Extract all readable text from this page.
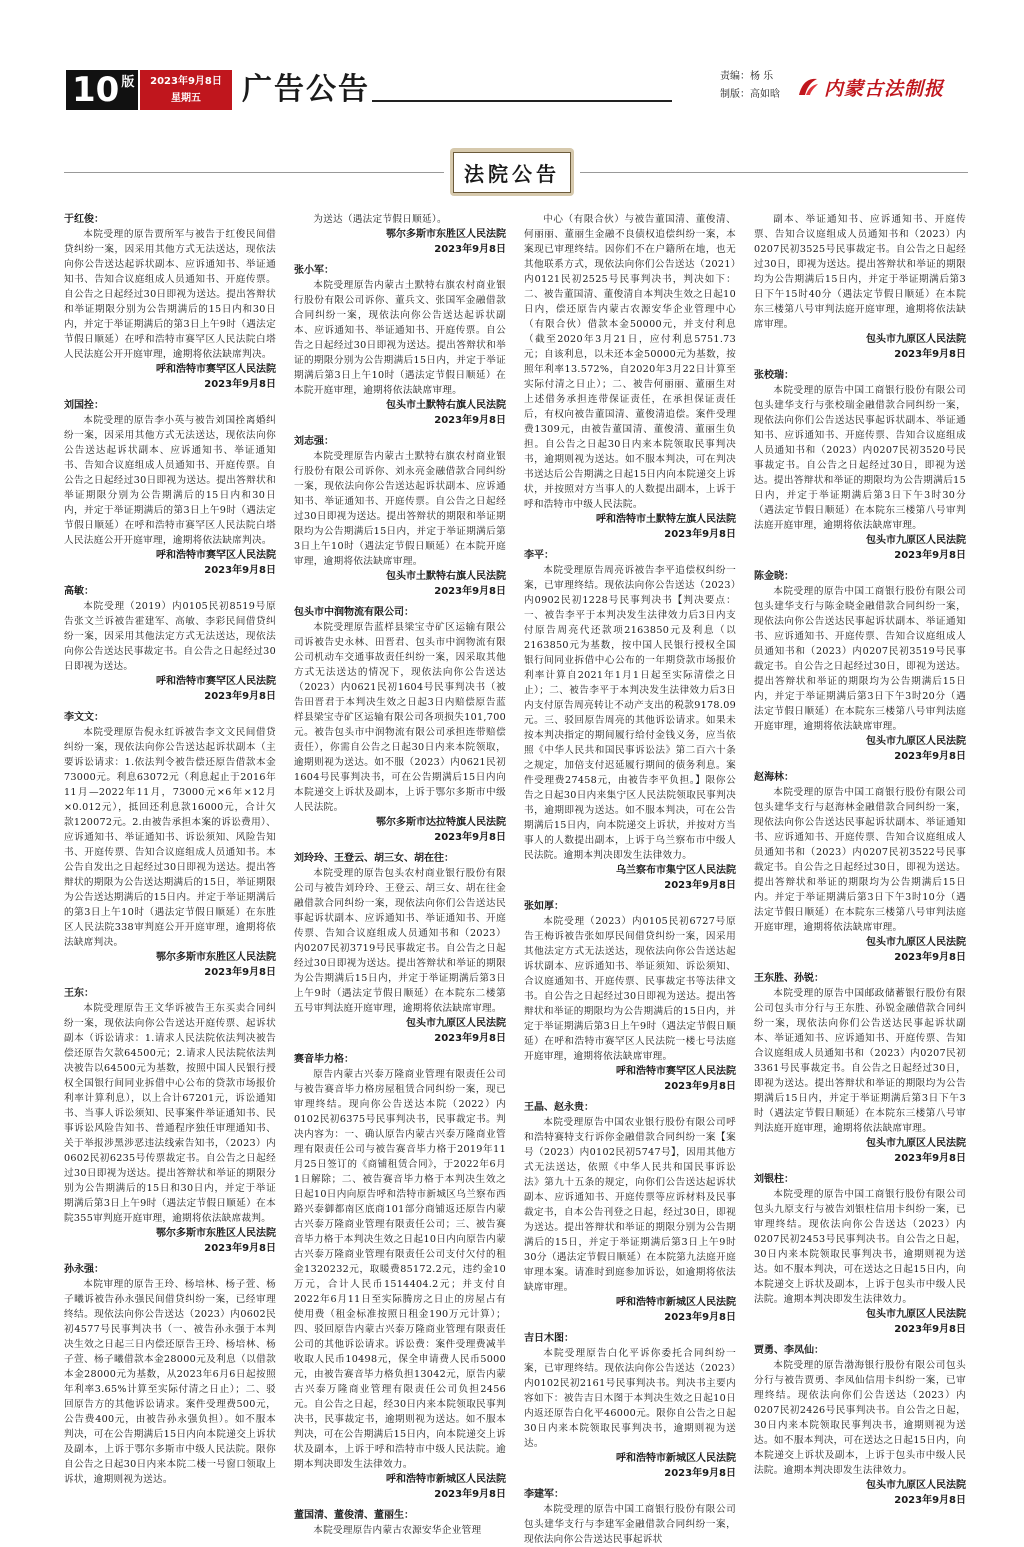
10 版	2023年9月8日
星期五	广告公告	责编：杨 乐
制版：高如晗 内蒙古法制报
法院公告
于红俊：

本院受理的原告贾所军与被告于红俊民间借贷纠纷一案，因采用其他方式无法送达，现依法向你公告送达起诉状副本、应诉通知书、举证通知书、告知合议庭组成人员通知书、开庭传票。自公告之日起经过30日即视为送达。提出答辩状和举证期限分别为公告期满后的15日内和30日内，并定于举证期满后的第3日上午9时（遇法定节假日顺延）在呼和浩特市赛罕区人民法院白塔人民法庭公开开庭审理，逾期将依法缺席判决。

呼和浩特市赛罕区人民法院
2023年9月8日
刘国拴：

本院受理的原告李小英与被告刘国拴离婚纠纷一案，因采用其他方式无法送达，现依法向你公告送达起诉状副本、应诉通知书、举证通知书、告知合议庭组成人员通知书、开庭传票。自公告之日起经过30日即视为送达。提出答辩状和举证期限分别为公告期满后的15日内和30日内，并定于举证期满后的第3日上午9时（遇法定节假日顺延）在呼和浩特市赛罕区人民法院白塔人民法庭公开开庭审理，逾期将依法缺席判决。

呼和浩特市赛罕区人民法院
2023年9月8日
高敏：

本院受理（2019）内0105民初8519号原告张文兰诉被告霍建军、高敏、李彩民间借贷纠纷一案，因采用其他法定方式无法送达，现依法向你公告送达民事裁定书。自公告之日起经过30日即视为送达。

呼和浩特市赛罕区人民法院
2023年9月8日
李文文：

本院受理原告倪永红诉被告李文文民间借贷纠纷一案，现依法向你公告送达起诉状副本（主要诉讼请求：1.依法判令被告偿还原告借款本金73000元。利息63072元（利息起止于2016年11月—2022年11月，73000元×6年×12月×0.012元），抵回还利息款16000元，合计欠款120072元。2.由被告承担本案的诉讼费用）、应诉通知书、举证通知书、诉讼须知、风险告知书、开庭传票、告知合议庭组成人员通知书。本公告自发出之日起经过30日即视为送达。提出答辩状的期限为公告送达期满后的15日，举证期限为公告送达期满后的15日内。并定于举证期满后的第3日上午10时（遇法定节假日顺延）在东胜区人民法院338审判庭公开开庭审理，逾期将依法缺席判决。

鄂尔多斯市东胜区人民法院
2023年9月8日
王东：

本院受理原告王文华诉被告王东买卖合同纠纷一案，现依法向你公告送达开庭传票、起诉状副本（诉讼请求：1.请求人民法院依法判决被告偿还原告欠款64500元；2.请求人民法院依法判决被告以64500元为基数，按照中国人民银行授权全国银行间同业拆借中心公布的贷款市场报价利率计算利息），以上合计67201元，诉讼通知书、当事人诉讼须知、民事案件举证通知书、民事诉讼风险告知书、普通程序独任审理通知书、关于举报涉黑涉恶违法线索告知书，（2023）内0602民初6235号传票裁定书。自公告之日起经过30日即视为送达。提出答辩状和举证的期限分别为公告期满后的15日和30日内，并定于举证期满后第3日上午9时（遇法定节假日顺延）在本院355审判庭开庭审理，逾期将依法缺席裁判。

鄂尔多斯市东胜区人民法院
2023年9月8日
孙永强：

本院审理的原告王玲、杨培林、杨子萱、杨子曦诉被告孙永强民间借贷纠纷一案，已经审理终结。现依法向你公告送达（2023）内0602民初4577号民事判决书（一、被告孙永强于本判决生效之日起三日内偿还原告王玲、杨培林、杨子萱、杨子曦借款本金28000元及利息（以借款本金28000元为基数，从2023年6月6日起按照年利率3.65%计算至实际付清之日止）；二、驳回原告方的其他诉讼请求。案件受理费500元，公告费400元，由被告孙永强负担）。如不服本判决，可在公告期满后15日内向本院递交上诉状及副本，上诉于鄂尔多斯市中级人民法院。限你自公告之日起30日内来本院二楼一号窗口领取上诉状，逾期则视为送达。

为送达（遇法定节假日顺延）。

鄂尔多斯市东胜区人民法院
2023年9月8日
张小军：

本院受理原告内蒙古土默特右旗农村商业银行股份有限公司诉你、董兵文、张国军金融借款合同纠纷一案，现依法向你公告送达起诉状副本、应诉通知书、举证通知书、开庭传票。自公告之日起经过30日即视为送达。提出答辩状和举证的期限分别为公告期满后15日内，并定于举证期满后第3日上午10时（遇法定节假日顺延）在本院开庭审理，逾期将依法缺席审理。

包头市土默特右旗人民法院
2023年9月8日
刘志强：

本院受理原告内蒙古土默特右旗农村商业银行股份有限公司诉你、刘永亮金融借款合同纠纷一案，现依法向你公告送达起诉状副本、应诉通知书、举证通知书、开庭传票。自公告之日起经过30日即视为送达。提出答辩状的期限和举证期限均为公告期满后15日内，并定于举证期满后第3日上午10时（遇法定节假日顺延）在本院开庭审理，逾期将依法缺席审理。

包头市土默特右旗人民法院
2023年9月8日
包头市中润物流有限公司：

本院受理原告蓝样县梁宝寺矿区运输有限公司诉被告史永林、田晋君、包头市中润物流有限公司机动车交通事故责任纠纷一案，因采取其他方式无法送达的情况下，现依法向你公告送达（2023）内0621民初1604号民事判决书（被告田晋君于本判决生效之日起3日内赔偿原告蓝样县梁宝寺矿区运输有限公司各项损失101,700元。被告包头市中润物流有限公司承担连带赔偿责任），你需自公告之日起30日内来本院领取，逾期则视为送达。如不服（2023）内0621民初1604号民事判决书，可在公告期满后15日内向本院递交上诉状及副本，上诉于鄂尔多斯市中级人民法院。

鄂尔多斯市达拉特旗人民法院
2023年9月8日
刘玲玲、王登云、胡三女、胡在往：

本院受理的原告包头农村商业银行股份有限公司与被告刘玲玲、王登云、胡三女、胡在往金融借款合同纠纷一案，现依法向你们公告送达民事起诉状副本、应诉通知书、举证通知书、开庭传票、告知合议庭组成人员通知书和（2023）内0207民初3719号民事裁定书。自公告之日起经过30日即视为送达。提出答辩状和举证的期限为公告期满后15日内，并定于举证期满后第3日上午9时（遇法定节假日顺延）在本院东二楼第五号审判法庭开庭审理，逾期将依法缺席审理。

包头市九原区人民法院
2023年9月8日
赛音毕力格：

原告内蒙古兴泰万隆商业管理有限责任公司与被告赛音毕力格房屋租赁合同纠纷一案，现已审理终结。现向你公告送达本院（2022）内0102民初6375号民事判决书，民事裁定书。判决内容为：一、确认原告内蒙古兴泰万隆商业管理有限责任公司与被告赛音毕力格于2019年11月25日签订的《商铺租赁合同》，于2022年6月1日解除；二、被告赛音毕力格于本判决生效之日起10日内向原告呼和浩特市新城区乌兰察布西路兴泰御都南区底商101部分商铺返还原告内蒙古兴泰万隆商业管理有限责任公司；三、被告赛音毕力格于本判决生效之日起10日内向原告内蒙古兴泰万隆商业管理有限责任公司支付欠付的租金1320232元，取暖费85172.2元，违约金10万元，合计人民币1514404.2元；并支付自2022年6月11日至实际腾房之日止的房屋占有使用费（租金标准按照日租金190万元计算）；四、驳回原告内蒙古兴泰万隆商业管理有限责任公司的其他诉讼请求。诉讼费：案件受理费减半收取人民币10498元，保全申请费人民币5000元，由被告赛音毕力格负担13042元，原告内蒙古兴泰万隆商业管理有限责任公司负担2456元。自公告之日起，经30日内来本院领取民事判决书，民事裁定书，逾期则视为送达。如不服本判决，可在公告期满后15日内，向本院递交上诉状及副本，上诉于呼和浩特市中级人民法院。逾期本判决即发生法律效力。

呼和浩特市新城区人民法院
2023年9月8日
董国清、董俊清、董丽生：

本院受理原告内蒙古农源安华企业管理

中心（有限合伙）与被告董国清、董俊清、何丽丽、董丽生金融不良债权追偿纠纷一案，本案现已审理终结。因你们不在户籍所在地，也无其他联系方式，现依法向你们公告送达（2021）内0121民初2525号民事判决书，判决如下：二、被告董国清、董俊清自本判决生效之日起10日内，偿还原告内蒙古农源安华企业管理中心（有限合伙）借款本金50000元，并支付利息（截至2020年3月21日，应付利息5751.73元；自该利息，以未还本金50000元为基数，按照年利率13.572%，自2020年3月22日计算至实际付清之日止）；二、被告何丽丽、董丽生对上述借务承担连带保证责任，在承担保证责任后，有权向被告董国清、董俊清追偿。案件受理费1309元，由被告董国清、董俊清、董丽生负担。自公告之日起30日内来本院领取民事判决书，逾期则视为送达。如不服本判决，可在判决书送达后公告期满之日起15日内向本院递交上诉状，并按照对方当事人的人数提出副本，上诉于呼和浩特市中级人民法院。

呼和浩特市土默特左旗人民法院
2023年9月8日
李平：

本院受理原告周亮诉被告李平追偿权纠纷一案，已审理终结。现依法向你公告送达（2023）内0902民初1228号民事判决书【判决要点：一、被告李平于本判决发生法律效力后3日内支付原告周亮代还款项2163850元及利息（以2163850元为基数，按中国人民银行授权全国银行间同业拆借中心公布的一年期贷款市场报价利率计算自2021年1月1日起至实际清偿之日止）；二、被告李平于本判决发生法律效力后3日内支付原告周亮转让不动产支出的税款9178.09元。三、驳回原告周亮的其他诉讼请求。如果未按本判决指定的期间履行给付金钱义务，应当依照《中华人民共和国民事诉讼法》第二百六十条之规定，加倍支付迟延履行期间的债务利息。案件受理费27458元，由被告李平负担。】限你公告之日起30日内来集宁区人民法院领取民事判决书，逾期即视为送达。如不服本判决，可在公告期满后15日内，向本院递交上诉状，并按对方当事人的人数提出副本，上诉于乌兰察布市中级人民法院。逾期本判决即发生法律效力。

乌兰察布市集宁区人民法院
2023年9月8日
张如厚：

本院受理（2023）内0105民初6727号原告王梅诉被告张如厚民间借贷纠纷一案，因采用其他法定方式无法送达，现依法向你公告送达起诉状副本、应诉通知书、举证须知、诉讼须知、合议庭通知书、开庭传票、民事裁定书等法律文书。自公告之日起经过30日即视为送达。提出答辩状和举证的期限均为公告期满后的15日内，并定于举证期满后第3日上午9时（遇法定节假日顺延）在呼和浩特市赛罕区人民法院一楼七号法庭开庭审理，逾期将依法缺席审理。

呼和浩特市赛罕区人民法院
2023年9月8日
王晶、赵永贵：

本院受理原告中国农业银行股份有限公司呼和浩特赛特支行诉你金融借款合同纠纷一案【案号（2023）内0102民初5747号】，因用其他方式无法送达，依照《中华人民共和国民事诉讼法》第九十五条的规定，向你们公告送达起诉状副本、应诉通知书、开庭传票等应诉材料及民事裁定书，自本公告刊登之日起，经过30日，即视为送达。提出答辩状和举证的期限分别为公告期满后的15日，并定于举证期满后第3日上午9时30分（遇法定节假日顺延）在本院第九法庭开庭审理本案。请准时到庭参加诉讼，如逾期将依法缺席审理。

呼和浩特市新城区人民法院
2023年9月8日
吉日木图：

本院受理原告白化平诉你委托合同纠纷一案，已审理终结。现依法向你公告送达（2023）内0102民初2161号民事判决书。判决书主要内容如下：被告吉日木图于本判决生效之日起10日内返还原告白化平46000元。限你自公告之日起30日内来本院领取民事判决书，逾期则视为送达。

呼和浩特市新城区人民法院
2023年9月8日
李建军：

本院受理的原告中国工商银行股份有限公司包头建华支行与李建军金融借款合同纠纷一案，现依法向你公告送达民事起诉状

副本、举证通知书、应诉通知书、开庭传票、告知合议庭组成人员通知书和（2023）内0207民初3525号民事裁定书。自公告之日起经过30日，即视为送达。提出答辩状和举证的期限均为公告期满后15日内，并定于举证期满后第3日下午15时40分（遇法定节假日顺延）在本院东三楼第八号审判法庭开庭审理，逾期将依法缺席审理。

包头市九原区人民法院
2023年9月8日
张校瑞：

本院受理的原告中国工商银行股份有限公司包头建华支行与张校瑞金融借款合同纠纷一案，现依法向你们公告送达民事起诉状副本、举证通知书、应诉通知书、开庭传票、告知合议庭组成人员通知书和（2023）内0207民初3520号民事裁定书。自公告之日起经过30日，即视为送达。提出答辩状和举证的期限均为公告期满后15日内，并定于举证期满后第3日下午3时30分（遇法定节假日顺延）在本院东三楼第八号审判法庭开庭审理，逾期将依法缺席审理。

包头市九原区人民法院
2023年9月8日
陈金晓：

本院受理的原告中国工商银行股份有限公司包头建华支行与陈金晓金融借款合同纠纷一案，现依法向你公告送达民事起诉状副本、举证通知书、应诉通知书、开庭传票、告知合议庭组成人员通知书和（2023）内0207民初3519号民事裁定书。自公告之日起经过30日，即视为送达。提出答辩状和举证的期限均为公告期满后15日内，并定于举证期满后第3日下午3时20分（遇法定节假日顺延）在本院东三楼第八号审判法庭开庭审理，逾期将依法缺席审理。

包头市九原区人民法院
2023年9月8日
赵海林：

本院受理的原告中国工商银行股份有限公司包头建华支行与赵海林金融借款合同纠纷一案，现依法向你公告送达民事起诉状副本、举证通知书、应诉通知书、开庭传票、告知合议庭组成人员通知书和（2023）内0207民初3522号民事裁定书。自公告之日起经过30日，即视为送达。提出答辩状和举证的期限均为公告期满后15日内。并定于举证期满后第3日下午3时10分（遇法定节假日顺延）在本院东三楼第八号审判法庭开庭审理，逾期将依法缺席审理。

包头市九原区人民法院
2023年9月8日
王东胜、孙锐：

本院受理的原告中国邮政储蓄银行股份有限公司包头市分行与王东胜、孙锐金融借款合同纠纷一案，现依法向你们公告送达民事起诉状副本、举证通知书、应诉通知书、开庭传票、告知合议庭组成人员通知书和（2023）内0207民初3361号民事裁定书。自公告之日起经过30日，即视为送达。提出答辩状和举证的期限均为公告期满后15日内，并定于举证期满后第3日下午3时（遇法定节假日顺延）在本院东三楼第八号审判法庭开庭审理，逾期将依法缺席审理。

包头市九原区人民法院
2023年9月8日
刘银柱：

本院受理的原告中国工商银行股份有限公司包头九原支行与被告刘银柱信用卡纠纷一案，已审理终结。现依法向你公告送达（2023）内0207民初2453号民事判决书。自公告之日起，30日内来本院领取民事判决书，逾期则视为送达。如不服本判决，可在送达之日起15日内，向本院递交上诉状及副本，上诉于包头市中级人民法院。逾期本判决即发生法律效力。

包头市九原区人民法院
2023年9月8日
贾勇、李凤仙：

本院受理的原告渤海银行股份有限公司包头分行与被告贾勇、李凤仙信用卡纠纷一案，已审理终结。现依法向你们公告送达（2023）内0207民初2426号民事判决书。自公告之日起，30日内来本院领取民事判决书，逾期则视为送达。如不服本判决，可在送达之日起15日内，向本院递交上诉状及副本，上诉于包头市中级人民法院。逾期本判决即发生法律效力。

包头市九原区人民法院
2023年9月8日
